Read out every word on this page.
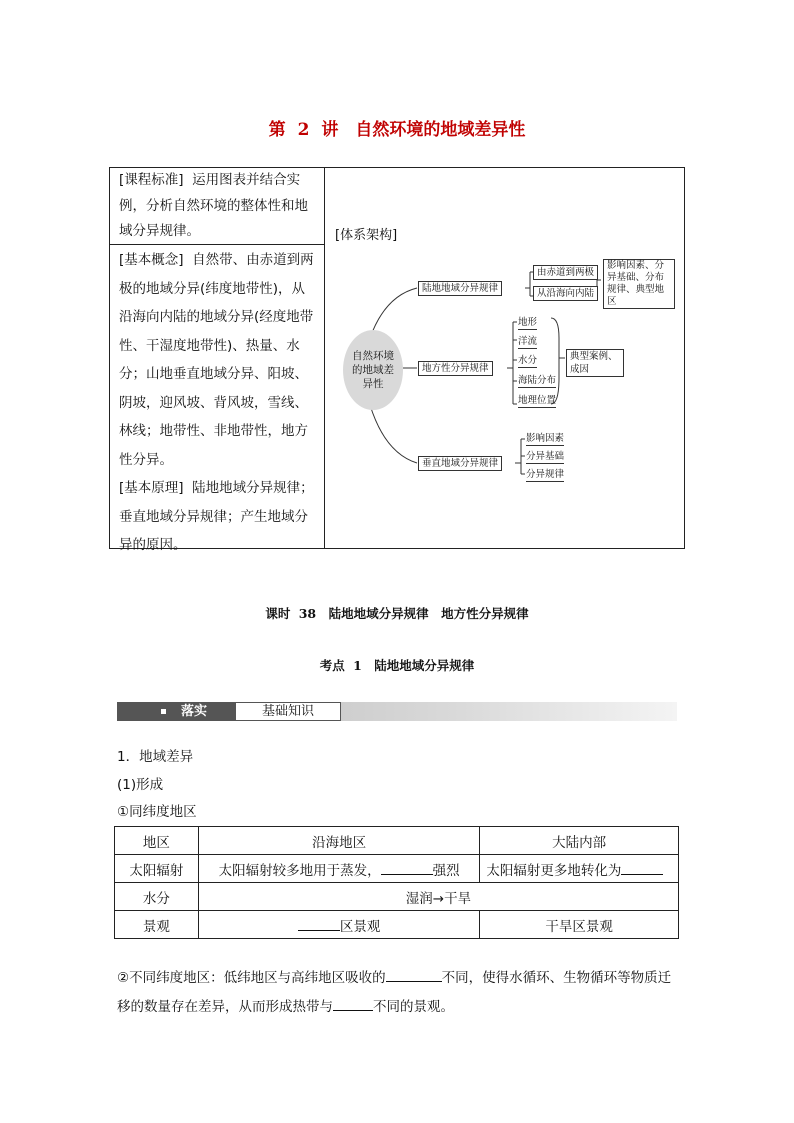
第 2 讲　自然环境的地域差异性
[课程标准] 运用图表并结合实例，分析自然环境的整体性和地域分异规律。
[基本概念] 自然带、由赤道到两极的地域分异(纬度地带性)，从沿海向内陆的地域分异(经度地带性、干湿度地带性)、热量、水分；山地垂直地域分异、阳坡、阴坡，迎风坡、背风坡，雪线、林线；地带性、非地带性，地方性分异。
[基本原理] 陆地地域分异规律；垂直地域分异规律；产生地域分异的原因。
[体系架构]
自然环境的地域差异性
陆地地域分异规律
由赤道到两极
从沿海向内陆
影响因素、分异基础、分布规律、典型地区
地方性分异规律
地形
洋流
水分
海陆分布
地理位置
典型案例、成因
垂直地域分异规律
影响因素
分异基础
分异规律
课时 38　陆地地域分异规律　地方性分异规律
考点 1　陆地地域分异规律
落实	基础知识
1．地域差异
(1)形成
①同纬度地区
地区	沿海地区	大陆内部
太阳辐射	太阳辐射较多地用于蒸发， 强烈	太阳辐射更多地转化为
水分	湿润→干旱	
景观	区景观	干旱区景观
②不同纬度地区：低纬地区与高纬地区吸收的	不同，使得水循环、生物循环等物质迁移的数量存在差异，从而形成热带与	不同的景观。
